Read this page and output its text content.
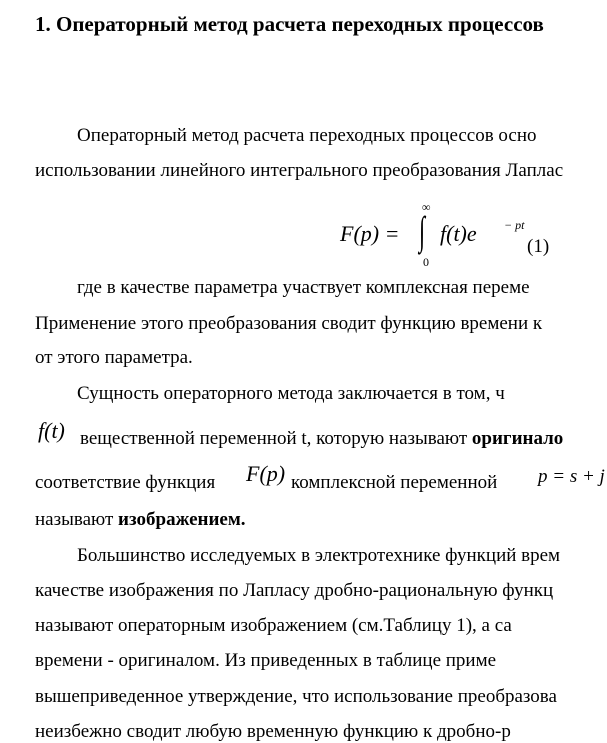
1. Операторный метод расчета переходных процессов
Операторный метод расчета переходных процессов осно
использовании линейного интегрального преобразования Лаплас
F(p) =
∞
∫
0
f(t)e − pt
(1)
где в качестве параметра участвует комплексная переме
Применение этого преобразования сводит функцию времени к
от этого параметра.
Сущность операторного метода заключается в том, ч
f(t) вещественной переменной t, которую называют оригинало
соответствие функция F(p) комплексной переменной p = s + j
называют изображением.
Большинство исследуемых в электротехнике функций врем
качестве изображения по Лапласу дробно-рациональную функц
называют операторным изображением (см.Таблицу 1), а са
времени - оригиналом. Из приведенных в таблице приме
вышеприведенное утверждение, что использование преобразова
неизбежно сводит любую временную функцию к дробно-р
